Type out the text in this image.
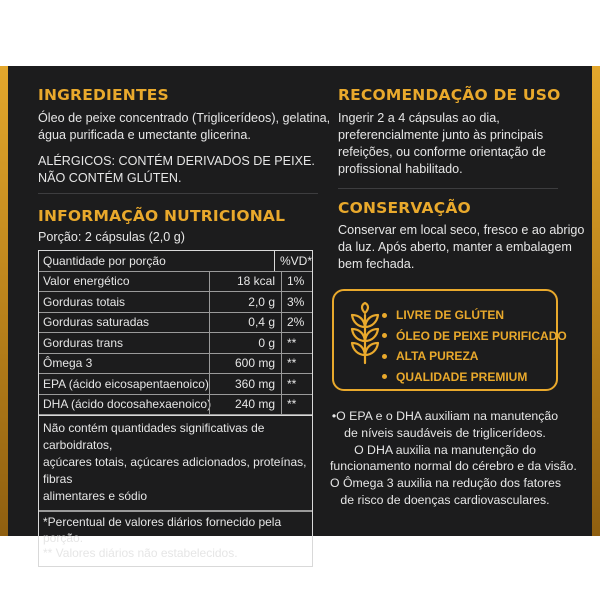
INGREDIENTES
Óleo de peixe concentrado (Triglicerídeos), gelatina,
água purificada e umectante glicerina.
ALÉRGICOS: CONTÉM DERIVADOS DE PEIXE.
NÃO CONTÉM GLÚTEN.
INFORMAÇÃO NUTRICIONAL
Porção: 2 cápsulas (2,0 g)
Quantidade por porção	%VD*
Valor energético	18 kcal	1%
Gorduras totais	2,0 g	3%
Gorduras saturadas	0,4 g	2%
Gorduras trans	0 g	**
Ômega 3	600 mg	**
EPA (ácido eicosapentaenoico)	360 mg	**
DHA (ácido docosahexaenoico)	240 mg	**
Não contém quantidades significativas de carboidratos,
açúcares totais, açúcares adicionados, proteínas, fibras
alimentares e sódio
*Percentual de valores diários fornecido pela porção.
** Valores diários não estabelecidos.
RECOMENDAÇÃO DE USO
Ingerir 2 a 4 cápsulas ao dia,
preferencialmente junto às principais
refeições, ou conforme orientação de
profissional habilitado.
CONSERVAÇÃO
Conservar em local seco, fresco e ao abrigo
da luz. Após aberto, manter a embalagem
bem fechada.
LIVRE DE GLÚTEN
ÓLEO DE PEIXE PURIFICADO
ALTA PUREZA
QUALIDADE PREMIUM
•O EPA e o DHA auxiliam na manutenção
de níveis saudáveis de triglicerídeos.
O DHA auxilia na manutenção do
funcionamento normal do cérebro e da visão.
O Ômega 3 auxilia na redução dos fatores
de risco de doenças cardiovasculares.
